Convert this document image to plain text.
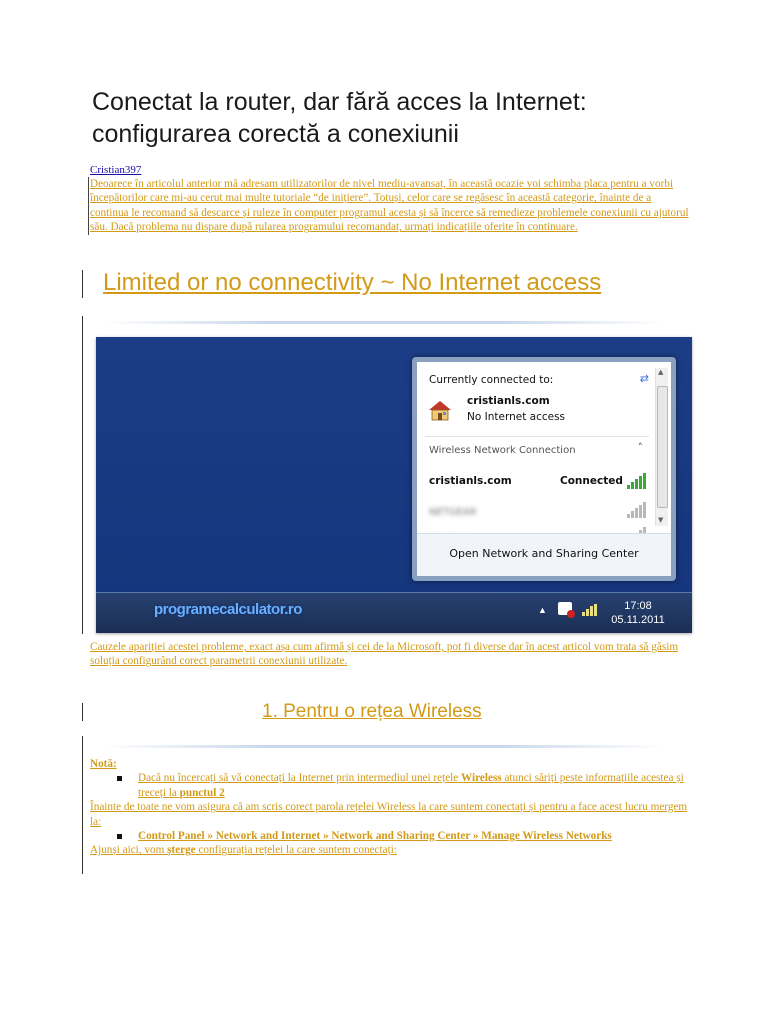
Conectat la router, dar fără acces la Internet: configurarea corectă a conexiunii
Cristian397
Deoarece în articolul anterior mă adresam utilizatorilor de nivel mediu-avansat, în această ocazie voi schimba placa pentru a vorbi începătorilor care mi-au cerut mai multe tutoriale “de inițiere”. Totuși, celor care se regăsesc în această categorie, înainte de a continua le recomand să descarce și ruleze în computer programul acesta și să încerce să remedieze problemele conexiunii cu ajutorul său. Dacă problema nu dispare după rularea programului recomandat, urmați indicațiile oferite în continuare.
Limited or no connectivity ~ No Internet access
Currently connected to:	⇄
cristianls.com
No Internet access
Wireless Network Connection	˄
cristianls.com	Connected
NETGEAR
▲
▼
Open Network and Sharing Center
programecalculator.ro	▲	17:08
05.11.2011
Cauzele apariției acestei probleme, exact așa cum afirmă și cei de la Microsoft, pot fi diverse dar în acest articol vom trata să găsim soluția configurând corect parametrii conexiunii utilizate.
1. Pentru o rețea Wireless
Notă:
Dacă nu încercați să vă conectați la Internet prin intermediul unei rețele Wireless atunci săriți peste informațiile acestea și treceți la punctul 2
Înainte de toate ne vom asigura că am scris corect parola rețelei Wireless la care suntem conectați și pentru a face acest lucru mergem la:
Control Panel » Network and Internet » Network and Sharing Center » Manage Wireless Networks
Ajunși aici, vom șterge configurația rețelei la care suntem conectați:
